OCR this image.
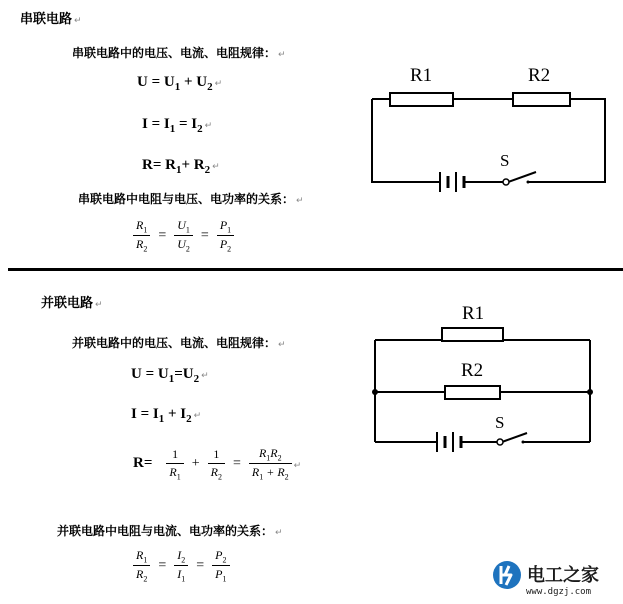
串联电路 ↵
串联电路中的电压、电流、电阻规律： ↵
$U = U_1 + U_2$ ↵
$I = I_1 = I_2$ ↵
$R= R_1+ R_2$ ↵
串联电路中电阻与电压、电功率的关系： ↵
$\frac{R_1}{R_2} = \frac{U_1}{U_2} = \frac{P_1}{P_2}$
R1	R2
S
并联电路 ↵
并联电路中的电压、电流、电阻规律： ↵
$U = U_1=U_2$ ↵
$I = I_1 + I_2$ ↵
$R= \frac{1}{R_1} + \frac{1}{R_2} = \frac{R_1R_2}{R_1 + R_2}$ ↵
并联电路中电阻与电流、电功率的关系： ↵
$\frac{R_1}{R_2} = \frac{I_2}{I_1} = \frac{P_2}{P_1}$
R1
R2
S
电工之家
www.dgzj.com
